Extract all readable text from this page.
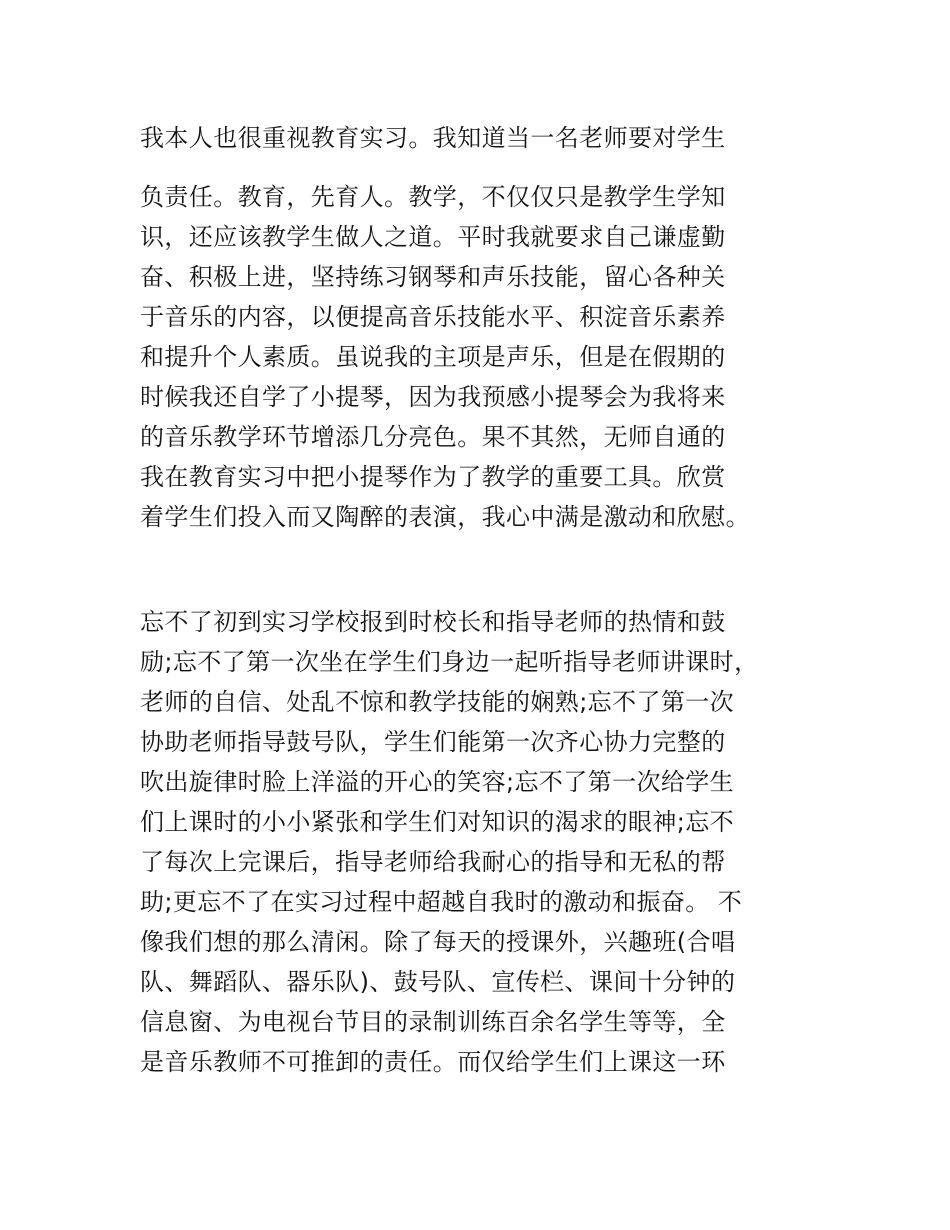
我本人也很重视教育实习。我知道当一名老师要对学生
负责任。教育，先育人。教学，不仅仅只是教学生学知
识，还应该教学生做人之道。平时我就要求自己谦虚勤
奋、积极上进，坚持练习钢琴和声乐技能，留心各种关
于音乐的内容，以便提高音乐技能水平、积淀音乐素养
和提升个人素质。虽说我的主项是声乐，但是在假期的
时候我还自学了小提琴，因为我预感小提琴会为我将来
的音乐教学环节增添几分亮色。果不其然，无师自通的
我在教育实习中把小提琴作为了教学的重要工具。欣赏
着学生们投入而又陶醉的表演，我心中满是激动和欣慰。
忘不了初到实习学校报到时校长和指导老师的热情和鼓
励;忘不了第一次坐在学生们身边一起听指导老师讲课时，
老师的自信、处乱不惊和教学技能的娴熟;忘不了第一次
协助老师指导鼓号队，学生们能第一次齐心协力完整的
吹出旋律时脸上洋溢的开心的笑容;忘不了第一次给学生
们上课时的小小紧张和学生们对知识的渴求的眼神;忘不
了每次上完课后，指导老师给我耐心的指导和无私的帮
助;更忘不了在实习过程中超越自我时的激动和振奋。 不
像我们想的那么清闲。除了每天的授课外，兴趣班(合唱
队、舞蹈队、器乐队)、鼓号队、宣传栏、课间十分钟的
信息窗、为电视台节目的录制训练百余名学生等等，全
是音乐教师不可推卸的责任。而仅给学生们上课这一环
